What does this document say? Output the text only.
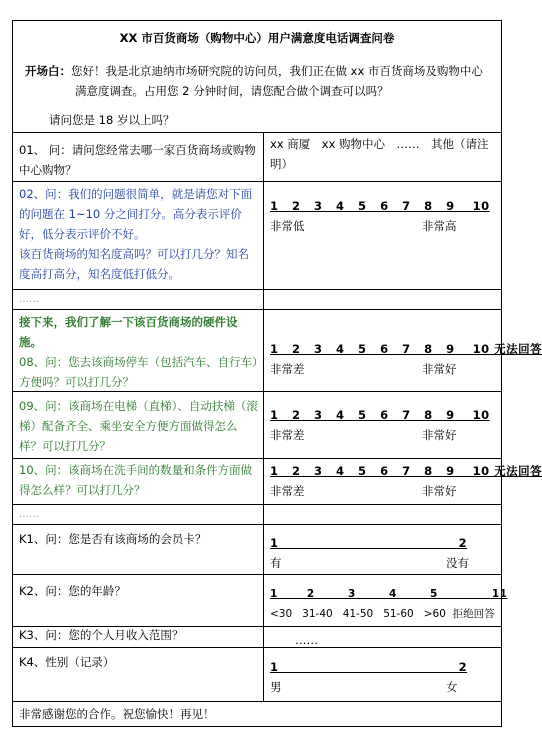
XX 市百货商场（购物中心）用户满意度电话调查问卷
开场白：您好！我是北京迪纳市场研究院的访问员，我们正在做 xx 市百货商场及购物中心
满意度调查。占用您 2 分钟时间，请您配合做个调查可以吗？
请问您是 18 岁以上吗？
01、 问：请问您经常去哪一家百货商场或购物中心购物？
xx 商厦　xx 购物中心　……　其他（请注明）
02、问：我们的问题很简单，就是请您对下面的问题在 1~10 分之间打分。高分表示评价好，低分表示评价不好。
该百货商场的知名度高吗？可以打几分？知名度高打高分，知名度低打低分。
1   2   3   4   5   6   7   8   9    10
非常低	非常高
……
接下来，我们了解一下该百货商场的硬件设施。
08、问：您去该商场停车（包括汽车、自行车）方便吗？可以打几分？
1   2   3   4   5   6   7   8   9    10 无法回答
非常差	非常好
09、问：该商场在电梯（直梯）、自动扶梯（滚梯）配备齐全、乘坐安全方便方面做得怎么样？可以打几分？
1   2   3   4   5   6   7   8   9    10
非常差	非常好
10、问：该商场在洗手间的数量和条件方面做得怎么样？可以打几分？
1   2   3   4   5   6   7   8   9    10 无法回答
非常差	非常好
……
K1、问：您是否有该商场的会员卡？	1                                        2
有	没有
K2、问：您的年龄？	1       2        3        4        5             11
<30   31-40   41-50   51-60   >60  拒绝回答
K3、问：您的个人月收入范围？	……
K4、性别（记录）	1                                        2
男	女
非常感谢您的合作。祝您愉快！再见！
